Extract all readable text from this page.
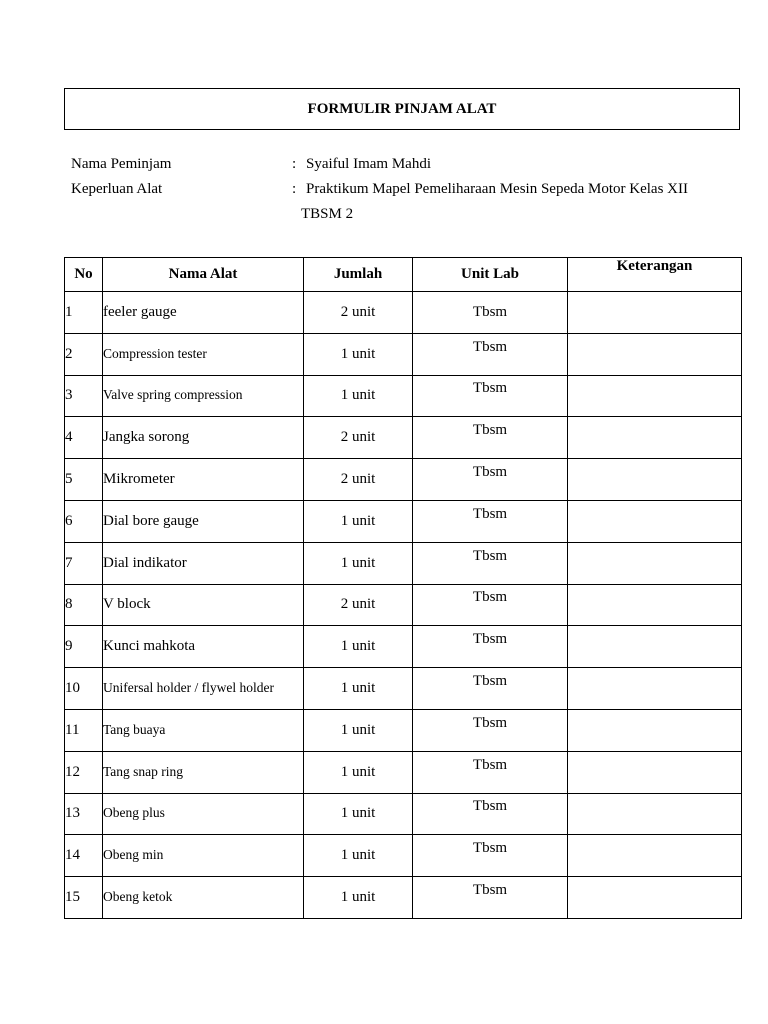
FORMULIR PINJAM ALAT
Nama Peminjam	: Syaiful Imam Mahdi
Keperluan Alat	: Praktikum Mapel Pemeliharaan Mesin Sepeda Motor Kelas XII
TBSM 2
No	Nama Alat	Jumlah	Unit Lab	Keterangan
1	feeler gauge	2 unit	Tbsm	
2	Compression tester	1 unit	Tbsm	
3	Valve spring compression	1 unit	Tbsm	
4	Jangka sorong	2 unit	Tbsm	
5	Mikrometer	2 unit	Tbsm	
6	Dial bore gauge	1 unit	Tbsm	
7	Dial indikator	1 unit	Tbsm	
8	V block	2 unit	Tbsm	
9	Kunci mahkota	1 unit	Tbsm	
10	Unifersal holder / flywel holder	1 unit	Tbsm	
11	Tang buaya	1 unit	Tbsm	
12	Tang snap ring	1 unit	Tbsm	
13	Obeng plus	1 unit	Tbsm	
14	Obeng min	1 unit	Tbsm	
15	Obeng ketok	1 unit	Tbsm	
